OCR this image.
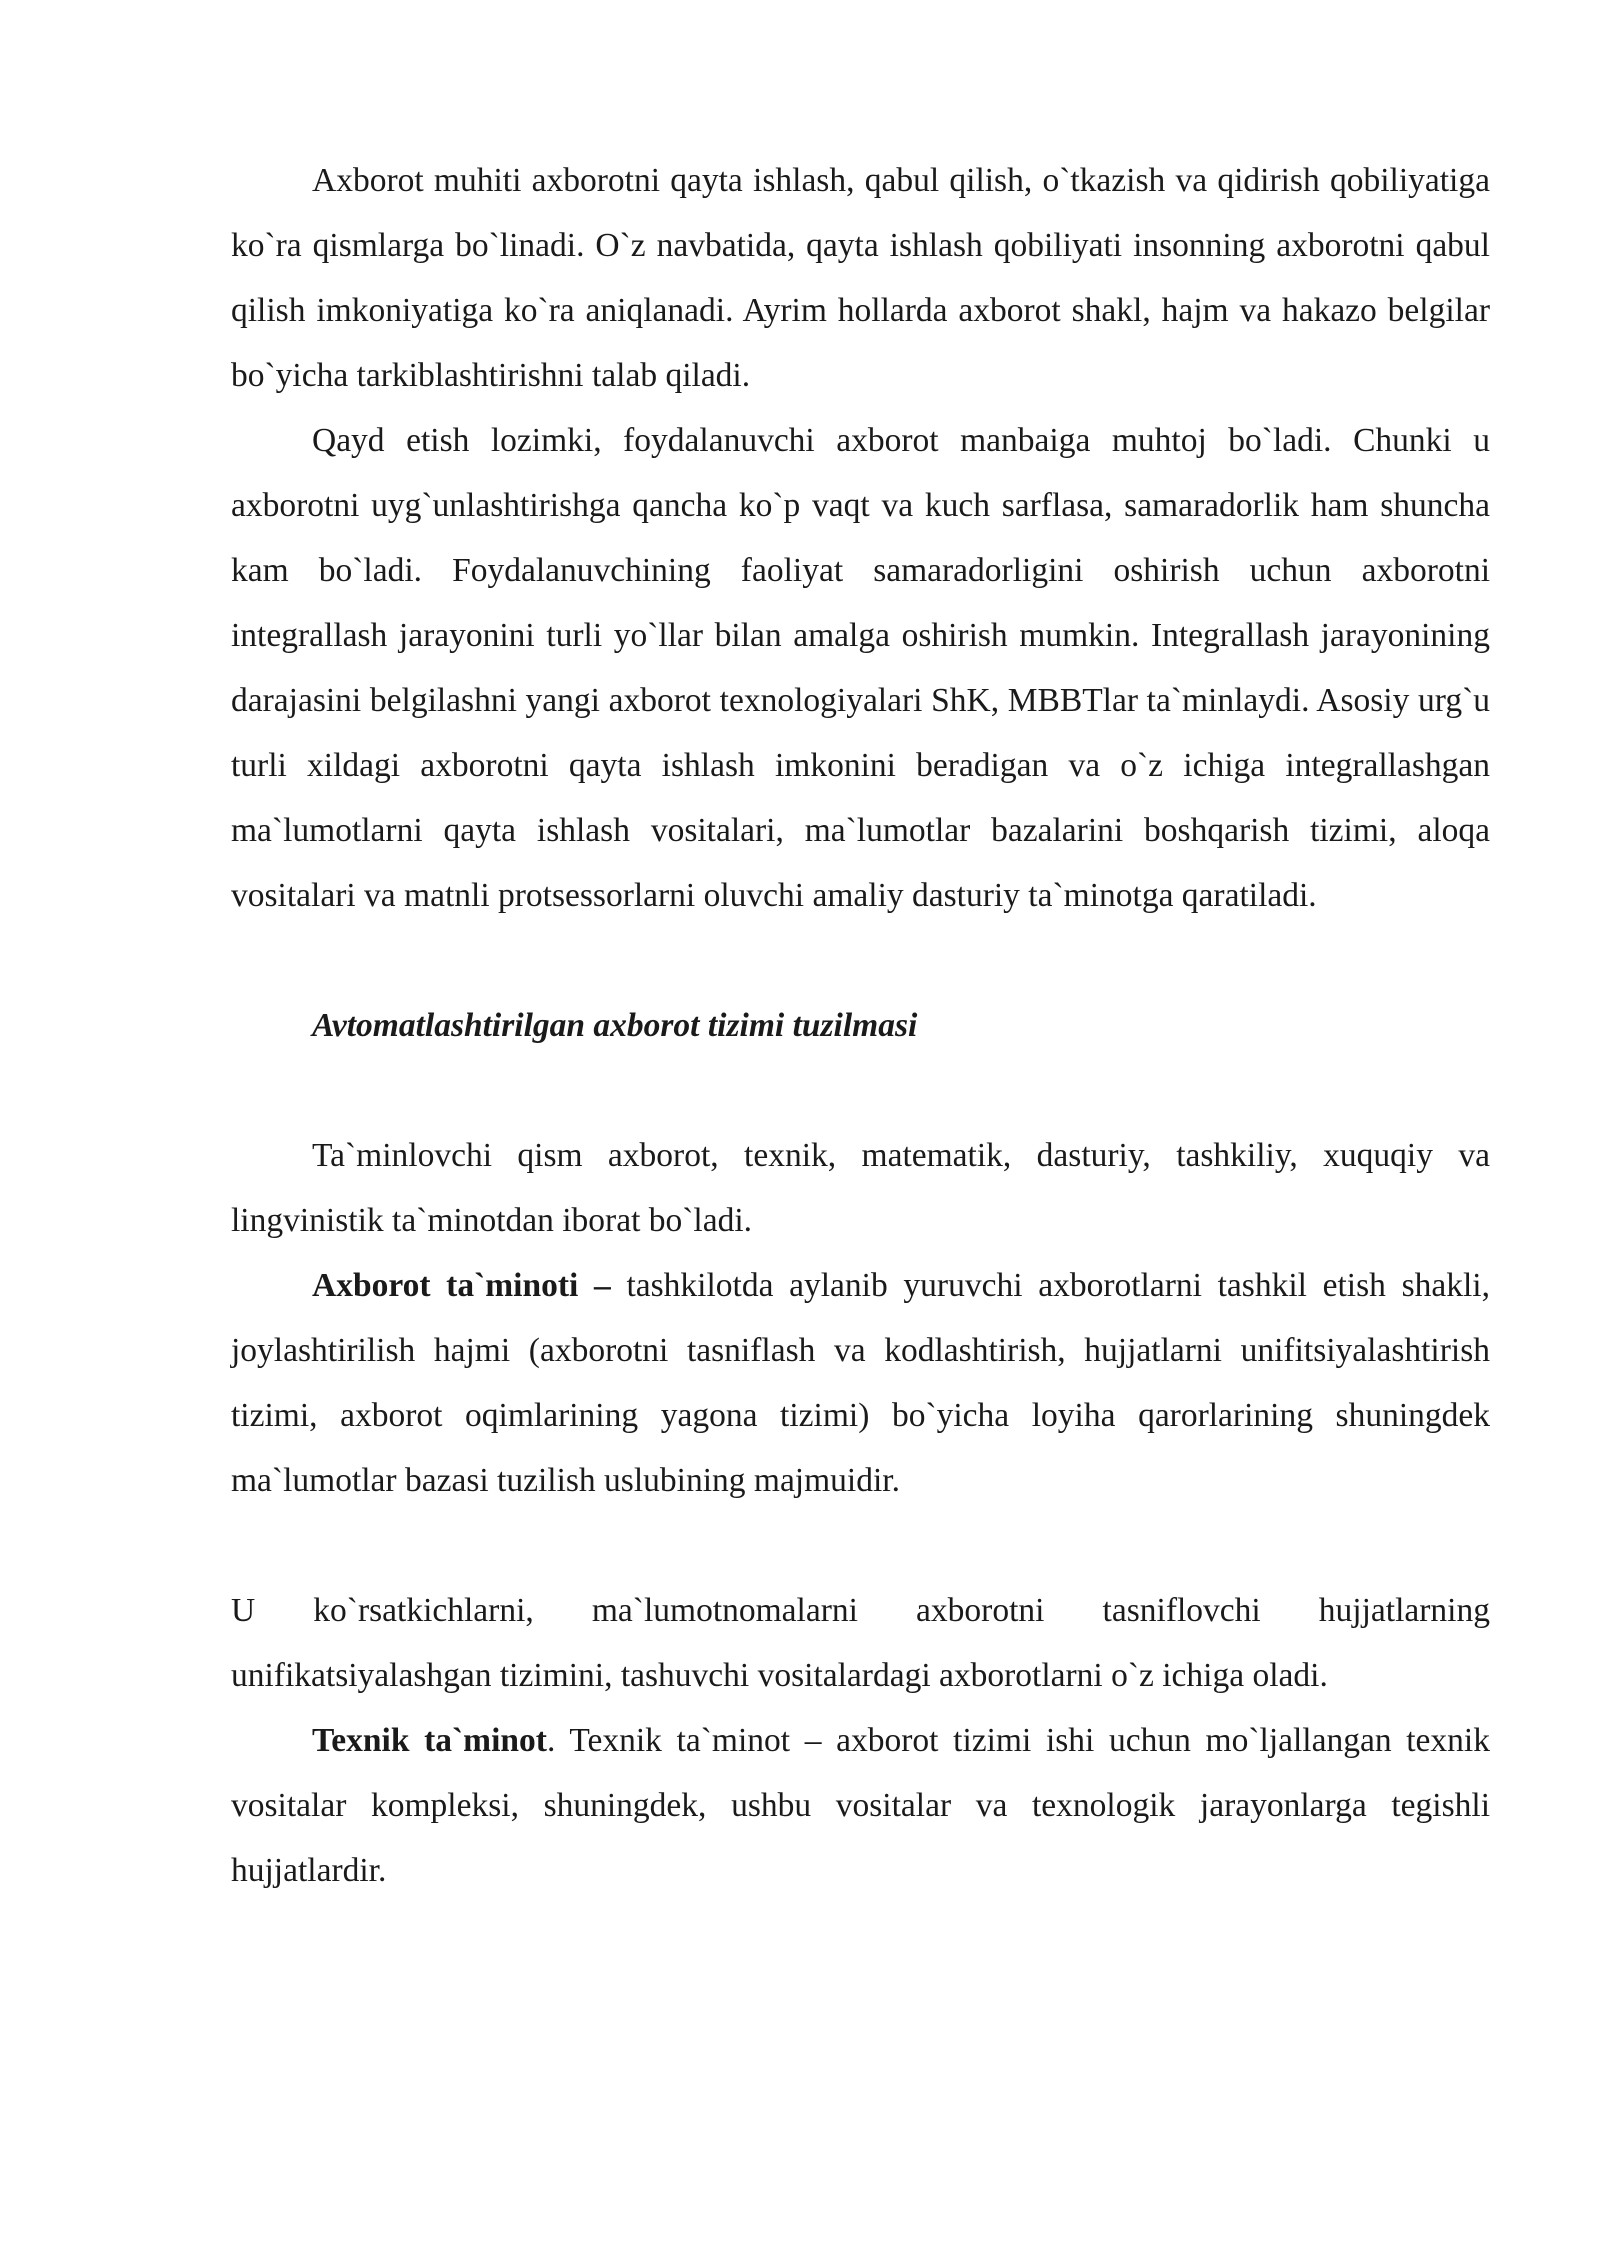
Axborot muhiti axborotni qayta ishlash, qabul qilish, o`tkazish va qidirish qobiliyatiga ko`ra qismlarga bo`linadi. O`z navbatida, qayta ishlash qobiliyati insonning axborotni qabul qilish imkoniyatiga ko`ra aniqlanadi. Ayrim hollarda axborot shakl, hajm va hakazo belgilar bo`yicha tarkiblashtirishni talab qiladi.

Qayd etish lozimki, foydalanuvchi axborot manbaiga muhtoj bo`ladi. Chunki u axborotni uyg`unlashtirishga qancha ko`p vaqt va kuch sarflasa, samaradorlik ham shuncha kam bo`ladi. Foydalanuvchining faoliyat samaradorligini oshirish uchun axborotni integrallash jarayonini turli yo`llar bilan amalga oshirish mumkin. Integrallash jarayonining darajasini belgilashni yangi axborot texnologiyalari ShK, MBBTlar ta`minlaydi. Asosiy urg`u turli xildagi axborotni qayta ishlash imkonini beradigan va o`z ichiga integrallashgan ma`lumotlarni qayta ishlash vositalari, ma`lumotlar bazalarini boshqarish tizimi, aloqa vositalari va matnli protsessorlarni oluvchi amaliy dasturiy ta`minotga qaratiladi.

Avtomatlashtirilgan axborot tizimi tuzilmasi

Ta`minlovchi qism axborot, texnik, matematik, dasturiy, tashkiliy, xuquqiy va lingvinistik ta`minotdan iborat bo`ladi.

Axborot ta`minoti – tashkilotda aylanib yuruvchi axborotlarni tashkil etish shakli, joylashtirilish hajmi (axborotni tasniflash va kodlashtirish, hujjatlarni unifitsiyalashtirish tizimi, axborot oqimlarining yagona tizimi) bo`yicha loyiha qarorlarining shuningdek ma`lumotlar bazasi tuzilish uslubining majmuidir.

U ko`rsatkichlarni, ma`lumotnomalarni axborotni tasniflovchi hujjatlarning unifikatsiyalashgan tizimini, tashuvchi vositalardagi axborotlarni o`z ichiga oladi.

Texnik ta`minot. Texnik ta`minot – axborot tizimi ishi uchun mo`ljallangan texnik vositalar kompleksi, shuningdek, ushbu vositalar va texnologik jarayonlarga tegishli hujjatlardir.
